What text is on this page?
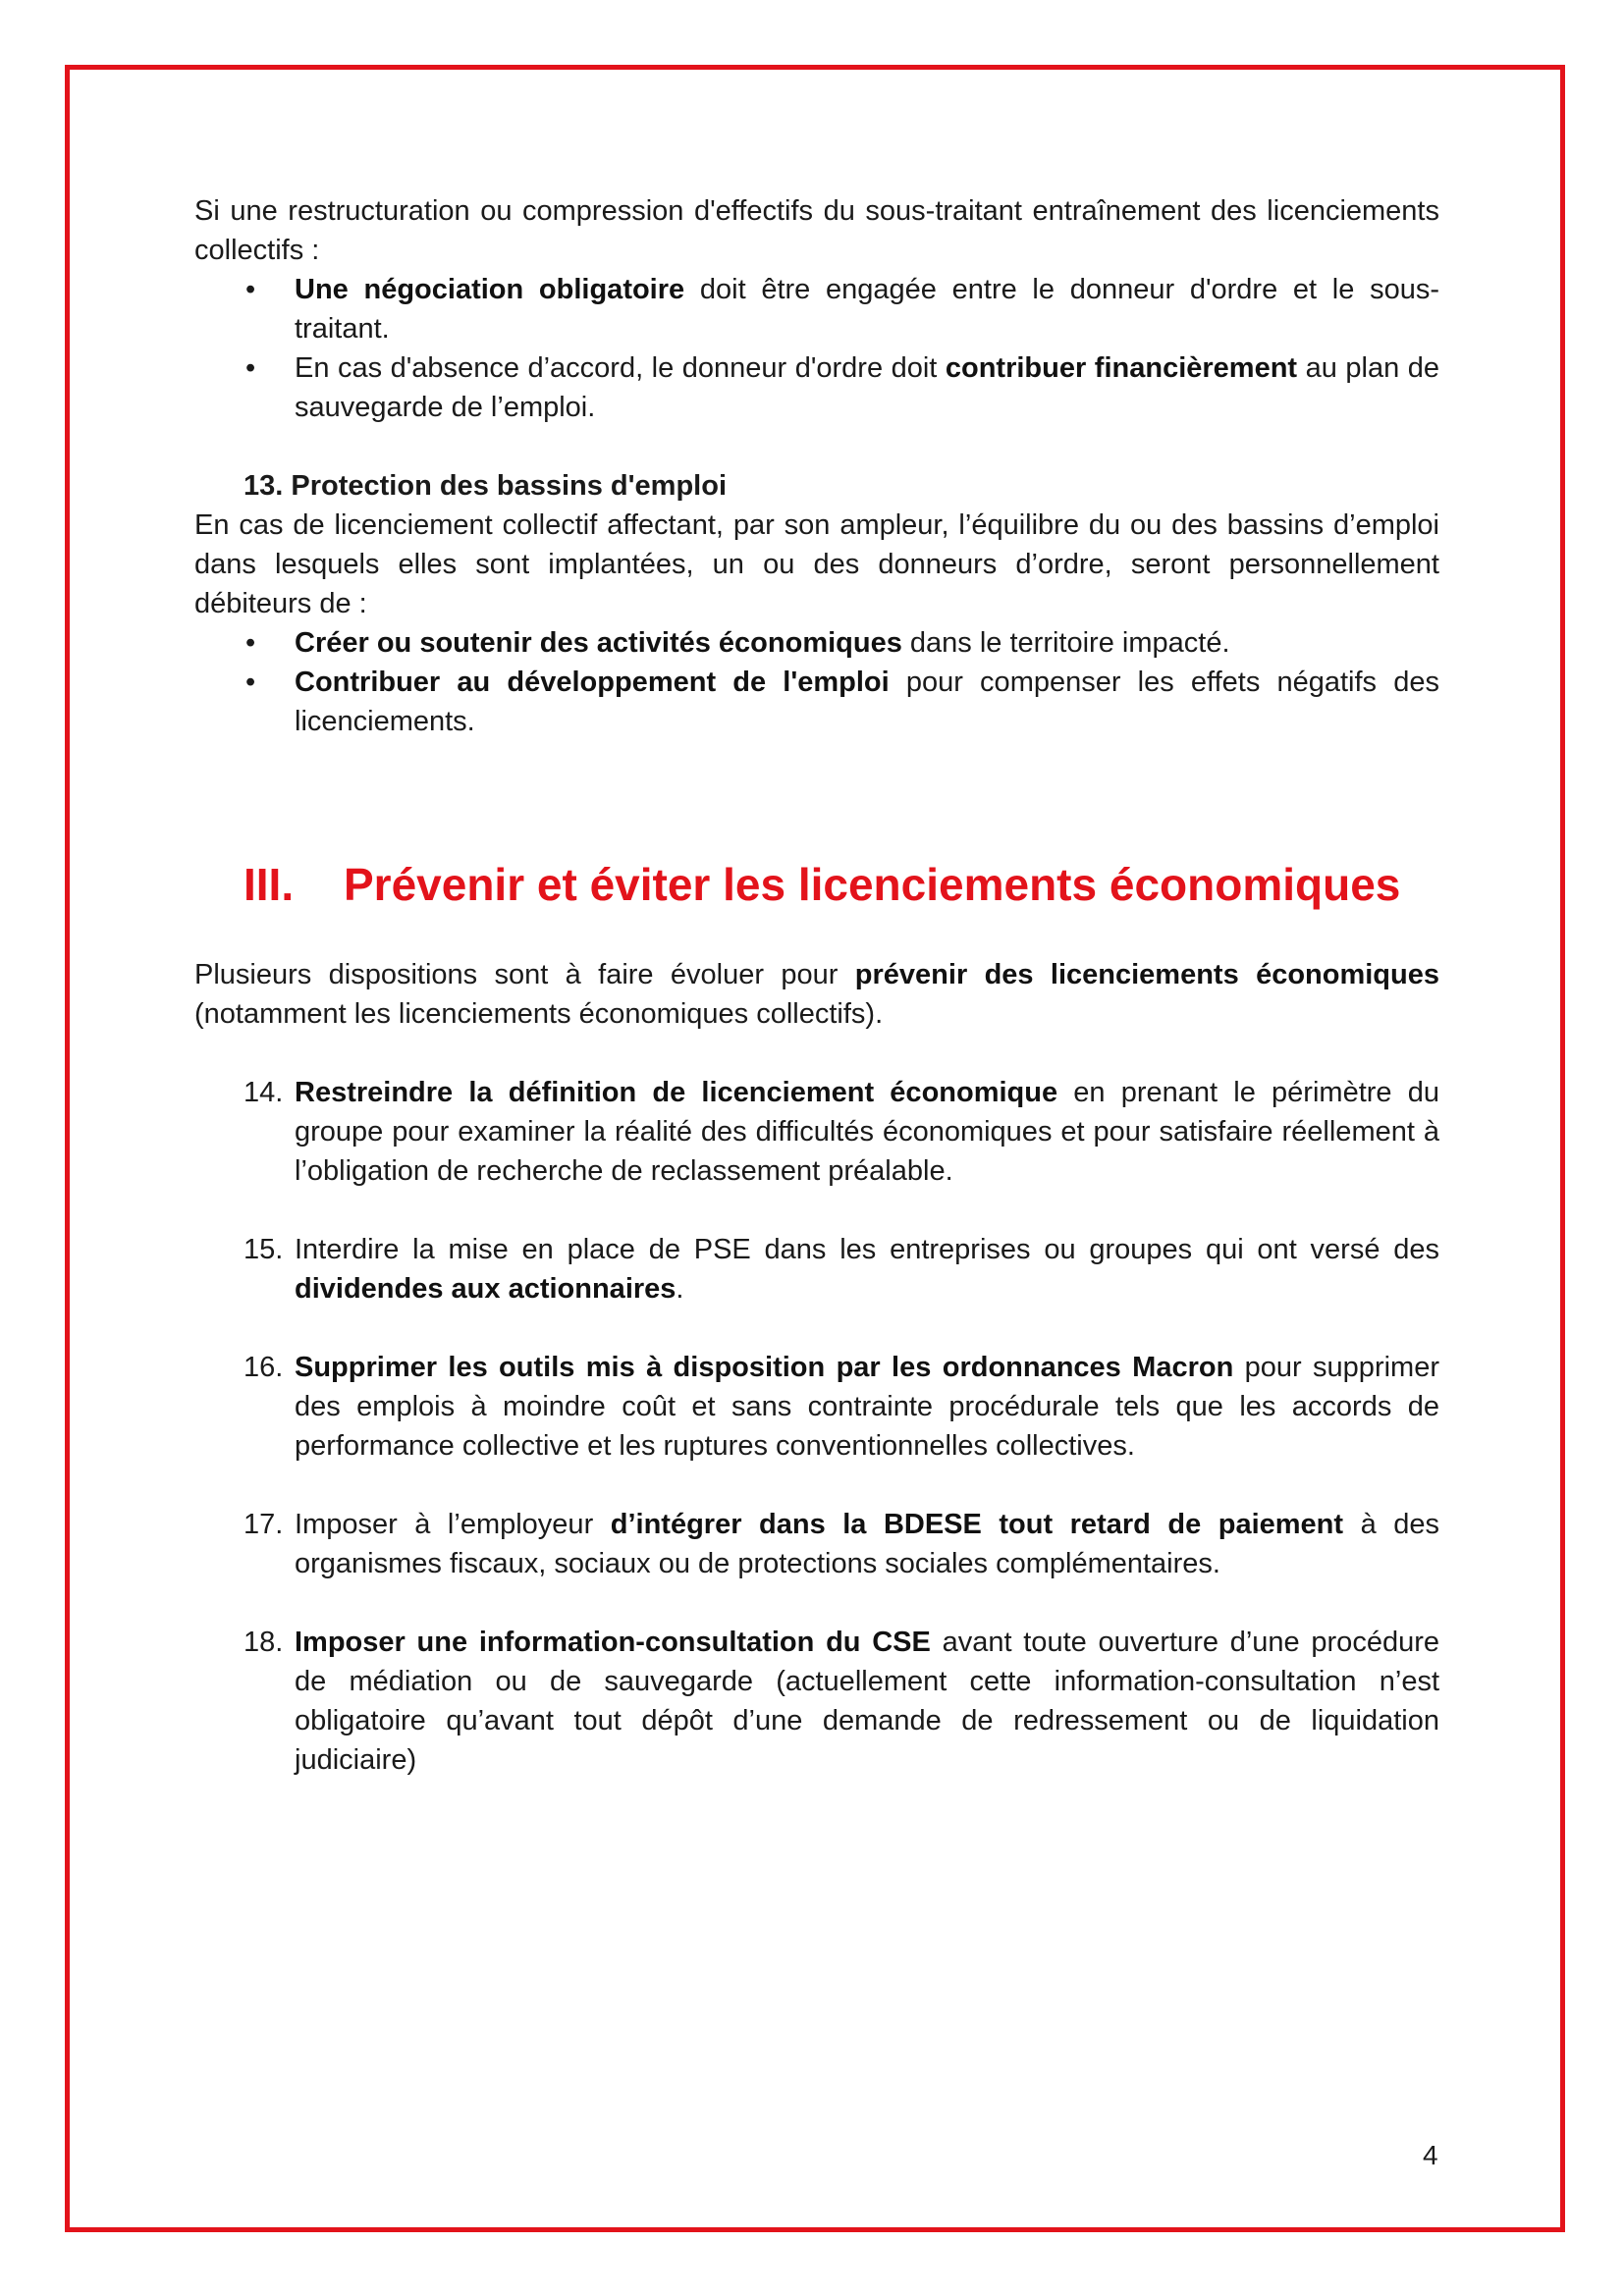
Si une restructuration ou compression d'effectifs du sous-traitant entraînement des licenciements collectifs :

• Une négociation obligatoire doit être engagée entre le donneur d'ordre et le sous-traitant.
• En cas d'absence d’accord, le donneur d'ordre doit contribuer financièrement au plan de sauvegarde de l’emploi.
13. Protection des bassins d'emploi

En cas de licenciement collectif affectant, par son ampleur, l’équilibre du ou des bassins d’emploi dans lesquels elles sont implantées, un ou des donneurs d’ordre, seront personnellement débiteurs de :

• Créer ou soutenir des activités économiques dans le territoire impacté.
• Contribuer au développement de l'emploi pour compenser les effets négatifs des licenciements.
III. Prévenir et éviter les licenciements économiques

Plusieurs dispositions sont à faire évoluer pour prévenir des licenciements économiques (notamment les licenciements économiques collectifs).

14. Restreindre la définition de licenciement économique en prenant le périmètre du groupe pour examiner la réalité des difficultés économiques et pour satisfaire réellement à l’obligation de recherche de reclassement préalable.
15. Interdire la mise en place de PSE dans les entreprises ou groupes qui ont versé des dividendes aux actionnaires.
16. Supprimer les outils mis à disposition par les ordonnances Macron pour supprimer des emplois à moindre coût et sans contrainte procédurale tels que les accords de performance collective et les ruptures conventionnelles collectives.
17. Imposer à l’employeur d’intégrer dans la BDESE tout retard de paiement à des organismes fiscaux, sociaux ou de protections sociales complémentaires.
18. Imposer une information-consultation du CSE avant toute ouverture d’une procédure de médiation ou de sauvegarde (actuellement cette information-consultation n’est obligatoire qu’avant tout dépôt d’une demande de redressement ou de liquidation judiciaire)
4
